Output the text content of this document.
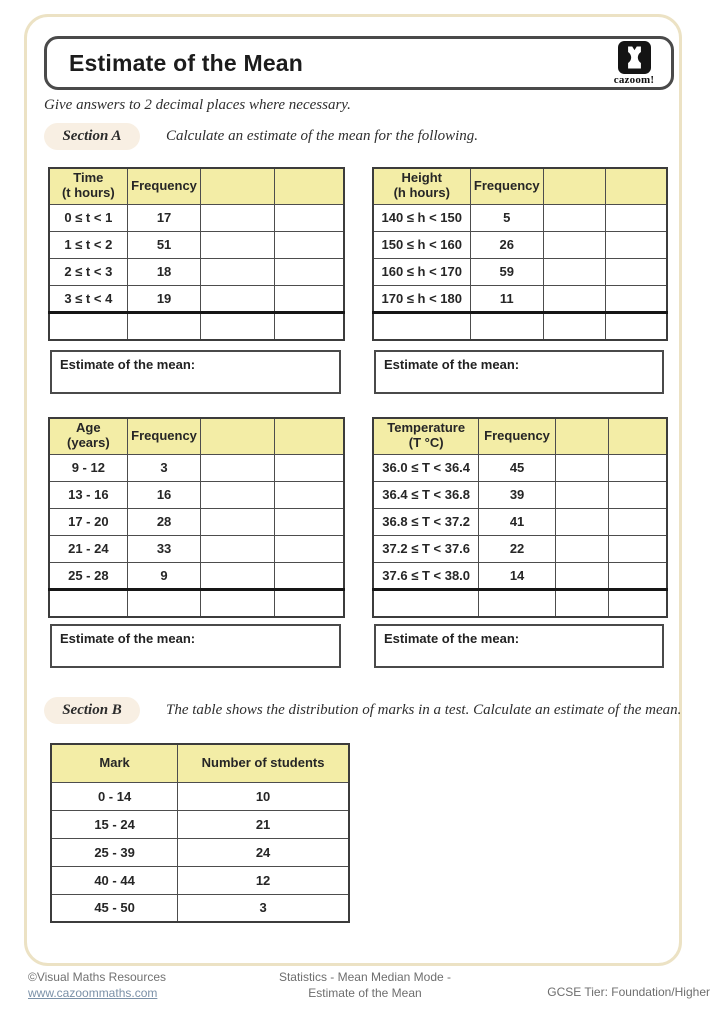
Estimate of the Mean
cazoom!
Give answers to 2 decimal places where necessary.
Section A	Calculate an estimate of the mean for the following.
Time
(t hours)	Frequency		
0 ≤ t < 1	17		
1 ≤ t < 2	51		
2 ≤ t < 3	18		
3 ≤ t < 4	19		

Height
(h hours)	Frequency		
140 ≤ h < 150	5		
150 ≤ h < 160	26		
160 ≤ h < 170	59		
170 ≤ h < 180	11		

Estimate of the mean:	Estimate of the mean:
Age
(years)	Frequency		
9 - 12	3		
13 - 16	16		
17 - 20	28		
21 - 24	33		
25 - 28	9		

Temperature
(T °C)	Frequency		
36.0 ≤ T < 36.4	45		
36.4 ≤ T < 36.8	39		
36.8 ≤ T < 37.2	41		
37.2 ≤ T < 37.6	22		
37.6 ≤ T < 38.0	14		

Estimate of the mean:	Estimate of the mean:
Section B	The table shows the distribution of marks in a test. Calculate an estimate of the mean.
Mark	Number of students
0 - 14	10
15 - 24	21
25 - 39	24
40 - 44	12
45 - 50	3
©Visual Maths Resources
www.cazoommaths.com
Statistics - Mean Median Mode -
Estimate of the Mean	GCSE Tier: Foundation/Higher
